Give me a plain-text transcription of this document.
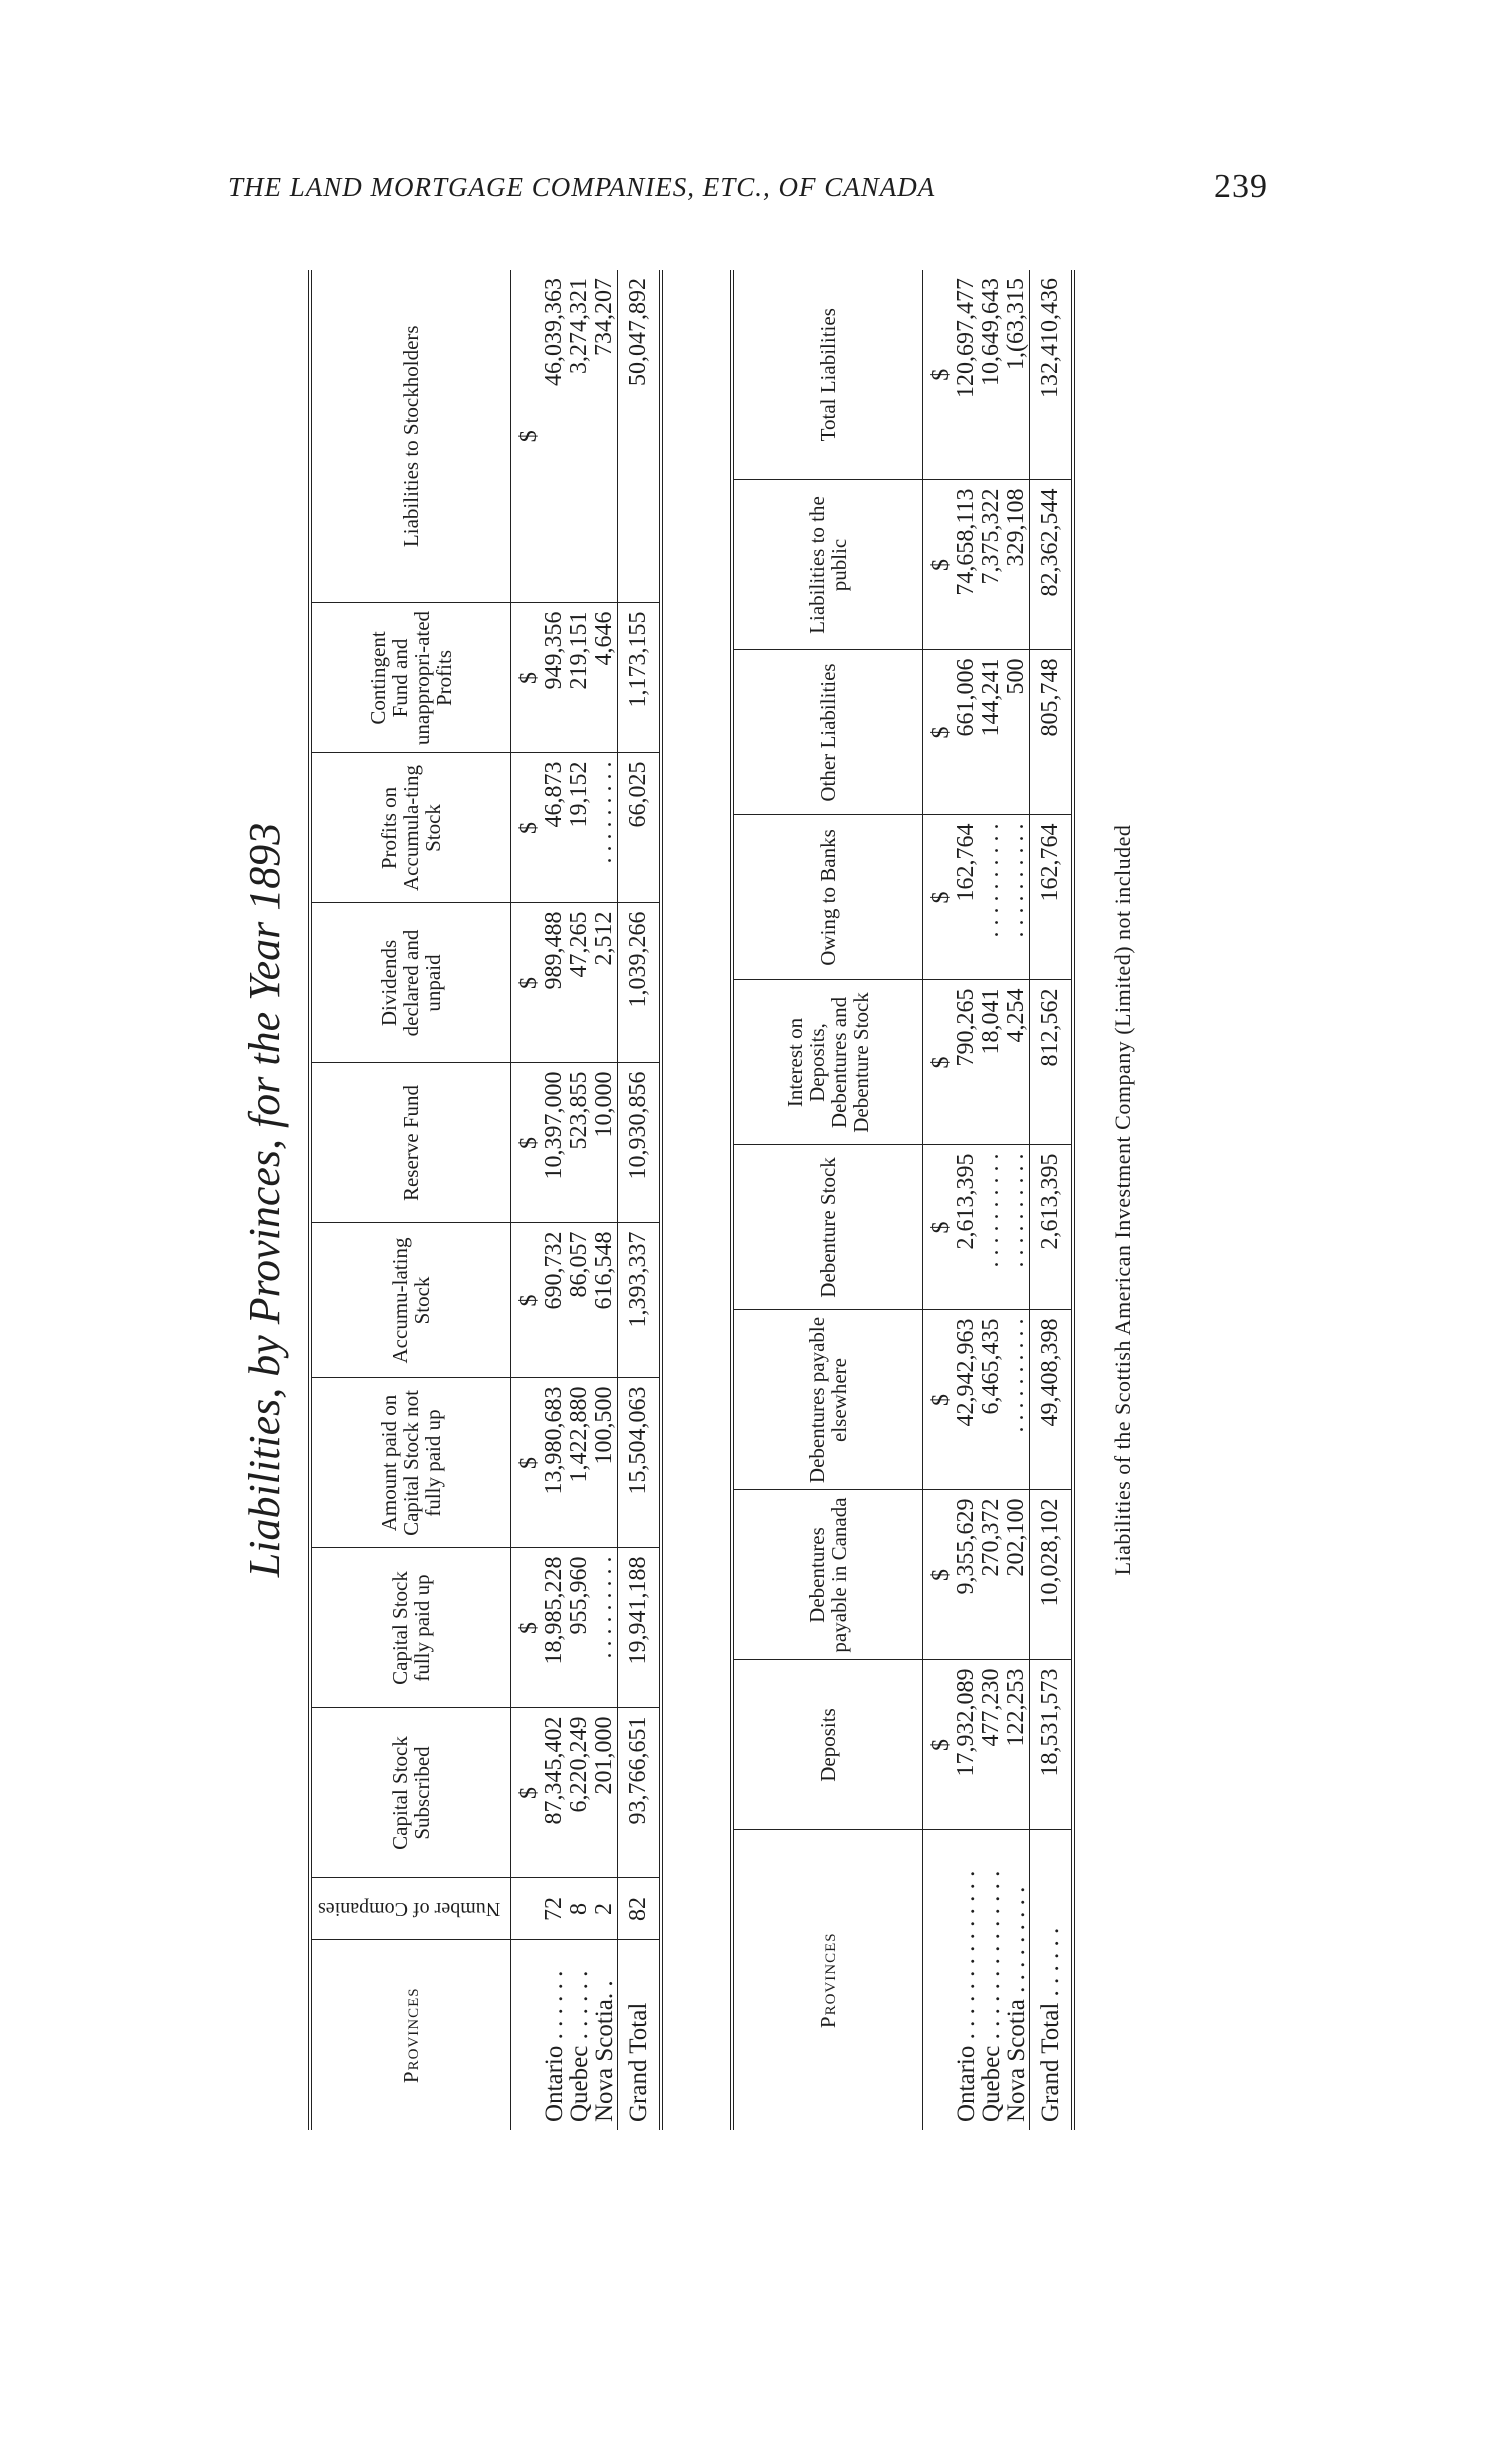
THE LAND MORTGAGE COMPANIES, ETC., OF CANADA	239
Liabilities, by Provinces, for the Year 1893
Provinces	Number of Companies	Capital Stock Subscribed	Capital Stock fully paid up	Amount paid on Capital Stock not fully paid up	Accumu-lating Stock	Reserve Fund	Dividends declared and unpaid	Profits on Accumula-ting Stock	Contingent Fund and unappropri-ated Profits	Liabilities to Stockholders
		$	$	$	$	$	$	$	$	$
Ontario . . . . . .	72	87,345,402	18,985,228	13,980,683	690,732	10,397,000	989,488	46,873	949,356	46,039,363
Quebec . . . . . .	8	6,220,249	955,960	1,422,880	86,057	523,855	47,265	19,152	219,151	3,274,321
Nova Scotia. .	2	201,000	. . . . . . . . .	100,500	616,548	10,000	2,512	. . . . . . . . .	4,646	734,207
Grand Total	82	93,766,651	19,941,188	15,504,063	1,393,337	10,930,856	1,039,266	66,025	1,173,155	50,047,892
Provinces	Deposits	Debentures payable in Canada	Debentures payable elsewhere	Debenture Stock	Interest on Deposits, Debentures and Debenture Stock	Owing to Banks	Other Liabilities	Liabilities to the public	Total Liabilities
	$	$	$	$	$	$	$	$	$
Ontario . . . . . . . . . . . . . .	17,932,089	9,355,629	42,942,963	2,613,395	790,265	162,764	661,006	74,658,113	120,697,477
Quebec . . . . . . . . . . . . . .	477,230	270,372	6,465,435	. . . . . . . . . .	18,041	. . . . . . . . . .	144,241	7,375,322	10,649,643
Nova Scotia . . . . . . . . .	122,253	202,100	. . . . . . . . . .	. . . . . . . . . .	4,254	. . . . . . . . . .	500	329,108	1,(63,315
Grand Total . . . . . .	18,531,573	10,028,102	49,408,398	2,613,395	812,562	162,764	805,748	82,362,544	132,410,436
Liabilities of the Scottish American Investment Company (Limited) not included
